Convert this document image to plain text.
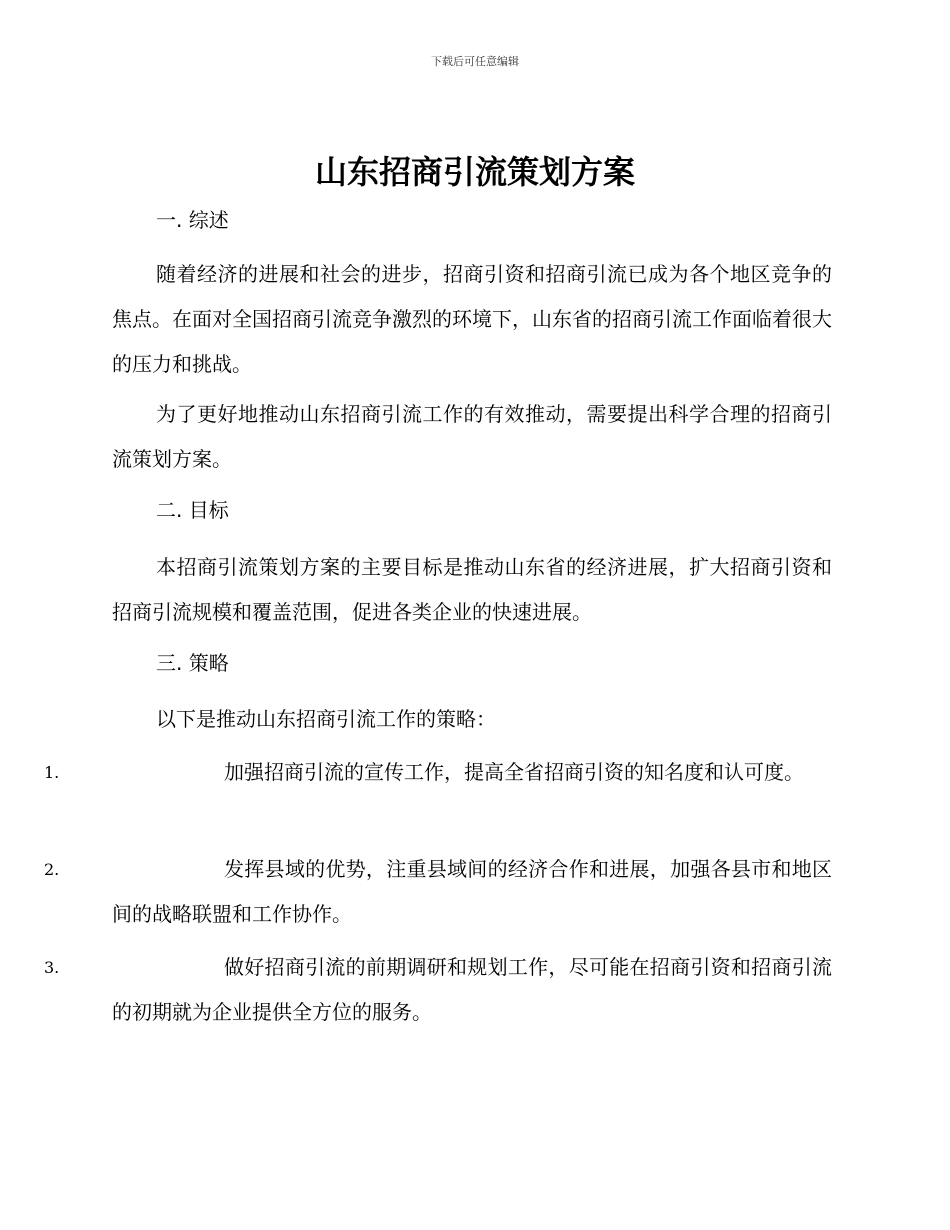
下载后可任意编辑
山东招商引流策划方案
一. 综述

随着经济的进展和社会的进步，招商引资和招商引流已成为各个地区竞争的焦点。在面对全国招商引流竞争激烈的环境下，山东省的招商引流工作面临着很大的压力和挑战。

为了更好地推动山东招商引流工作的有效推动，需要提出科学合理的招商引流策划方案。

二. 目标

本招商引流策划方案的主要目标是推动山东省的经济进展，扩大招商引资和招商引流规模和覆盖范围，促进各类企业的快速进展。

三. 策略

以下是推动山东招商引流工作的策略：

1.	加强招商引流的宣传工作，提高全省招商引资的知名度和认可度。
2.	发挥县域的优势，注重县域间的经济合作和进展，加强各县市和地区间的战略联盟和工作协作。
3.	做好招商引流的前期调研和规划工作，尽可能在招商引资和招商引流的初期就为企业提供全方位的服务。
